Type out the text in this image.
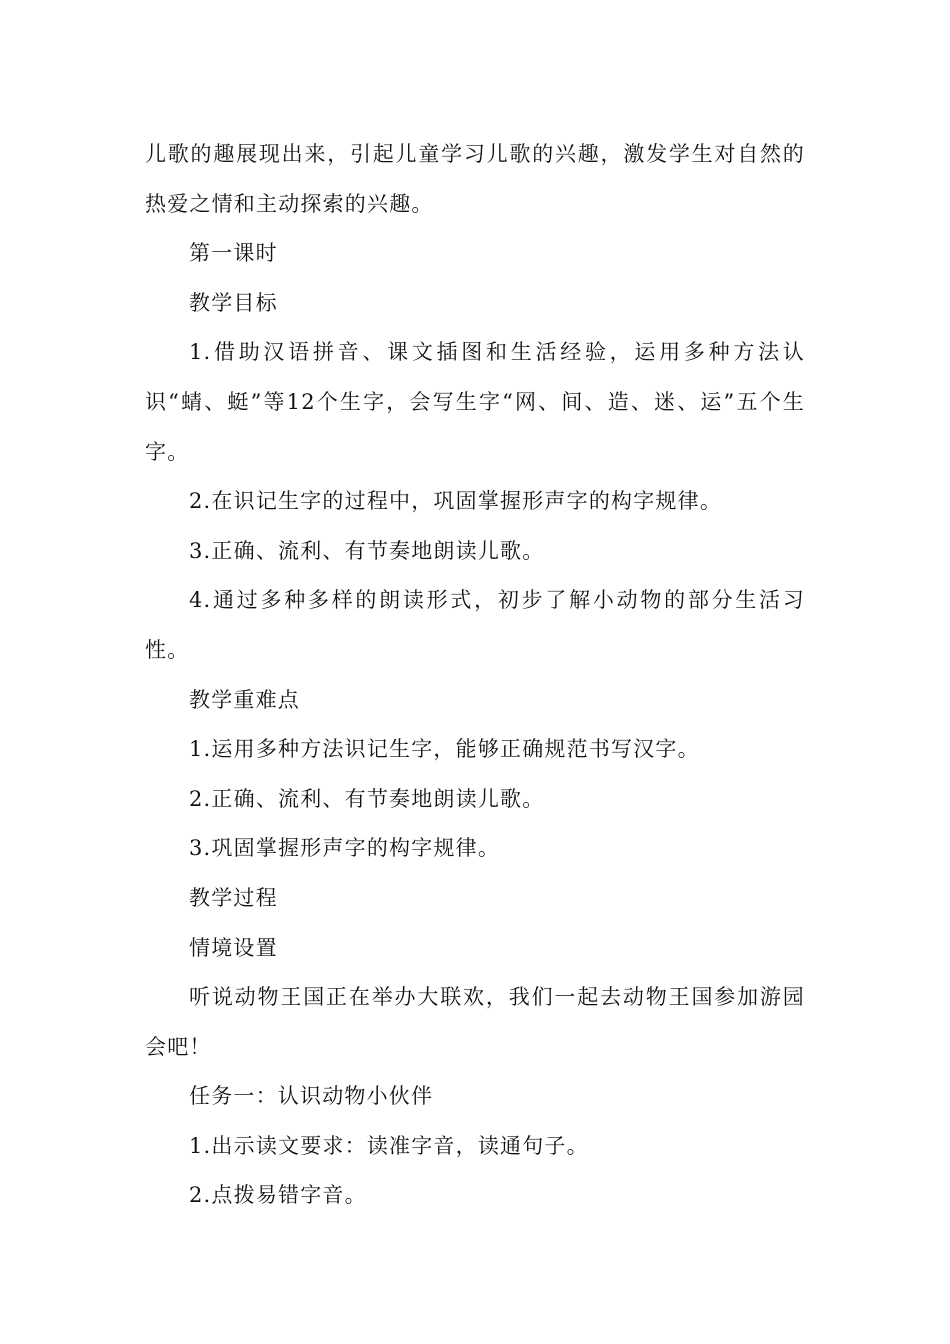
儿歌的趣展现出来，引起儿童学习儿歌的兴趣，激发学生对自然的热爱之情和主动探索的兴趣。

第一课时

教学目标

1.借助汉语拼音、课文插图和生活经验，运用多种方法认识“蜻、蜓”等12个生字，会写生字“网、间、造、迷、运”五个生字。

2.在识记生字的过程中，巩固掌握形声字的构字规律。

3.正确、流利、有节奏地朗读儿歌。

4.通过多种多样的朗读形式，初步了解小动物的部分生活习性。

教学重难点

1.运用多种方法识记生字，能够正确规范书写汉字。

2.正确、流利、有节奏地朗读儿歌。

3.巩固掌握形声字的构字规律。

教学过程

情境设置

听说动物王国正在举办大联欢，我们一起去动物王国参加游园会吧！

任务一：认识动物小伙伴

1.出示读文要求：读准字音，读通句子。

2.点拨易错字音。
